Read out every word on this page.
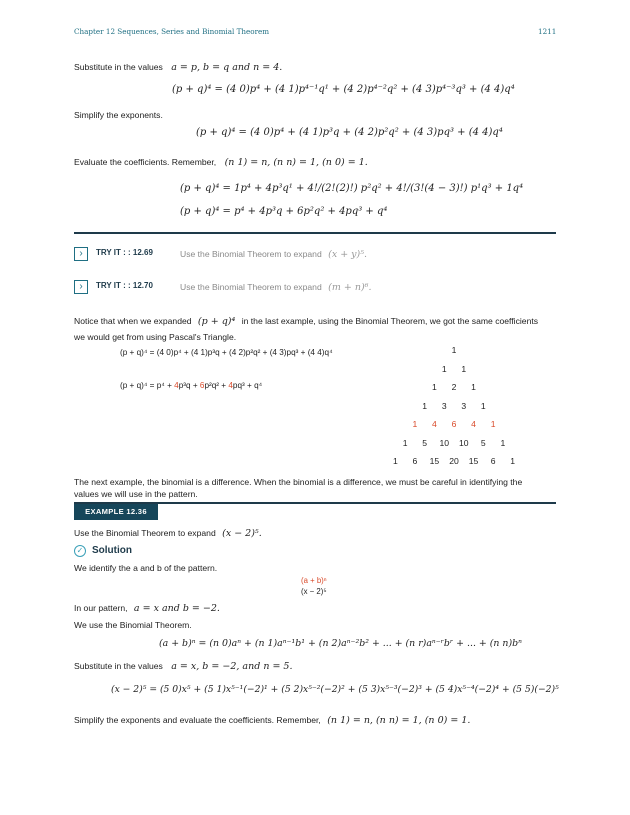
Chapter 12 Sequences, Series and Binomial Theorem	1211
Substitute in the values a = p, b = q and n = 4.
(p + q)⁴ = (4 0)p⁴ + (4 1)p⁴⁻¹q¹ + (4 2)p⁴⁻²q² + (4 3)p⁴⁻³q³ + (4 4)q⁴
Simplify the exponents.
(p + q)⁴ = (4 0)p⁴ + (4 1)p³q + (4 2)p²q² + (4 3)pq³ + (4 4)q⁴
Evaluate the coefficients. Remember, (n 1) = n, (n n) = 1, (n 0) = 1.
(p + q)⁴ = 1p⁴ + 4p³q¹ + 4!/(2!(2)!) p²q² + 4!/(3!(4 − 3)!) p¹q³ + 1q⁴
(p + q)⁴ = p⁴ + 4p³q + 6p²q² + 4pq³ + q⁴
›	TRY IT : : 12.69	Use the Binomial Theorem to expand (x + y)⁵.
›	TRY IT : : 12.70	Use the Binomial Theorem to expand (m + n)⁶.
Notice that when we expanded (p + q)⁴ in the last example, using the Binomial Theorem, we got the same coefficients
we would get from using Pascal's Triangle.
(p + q)⁴ = (4 0)p⁴ + (4 1)p³q + (4 2)p²q² + (4 3)pq³ + (4 4)q⁴
(p + q)⁴ = p⁴ + 4p³q + 6p²q² + 4pq³ + q⁴
1
1	1
1	2	1
1	3	3	1
1	4	6	4	1
1	5	10 10	5	1
1	6	15 20 15	6	1
The next example, the binomial is a difference. When the binomial is a difference, we must be careful in identifying the
values we will use in the pattern.
EXAMPLE 12.36
Use the Binomial Theorem to expand (x − 2)⁵.
✓ Solution
We identify the a and b of the pattern.
(a + b)ⁿ
(x − 2)⁵
In our pattern, a = x and b = −2.
We use the Binomial Theorem.
(a + b)ⁿ = (n 0)aⁿ + (n 1)aⁿ⁻¹b¹ + (n 2)aⁿ⁻²b² + ... + (n r)aⁿ⁻ʳbʳ + ... + (n n)bⁿ
Substitute in the values a = x, b = −2, and n = 5.
(x − 2)⁵ = (5 0)x⁵ + (5 1)x⁵⁻¹(−2)¹ + (5 2)x⁵⁻²(−2)² + (5 3)x⁵⁻³(−2)³ + (5 4)x⁵⁻⁴(−2)⁴ + (5 5)(−2)⁵
Simplify the exponents and evaluate the coefficients. Remember, (n 1) = n, (n n) = 1, (n 0) = 1.
